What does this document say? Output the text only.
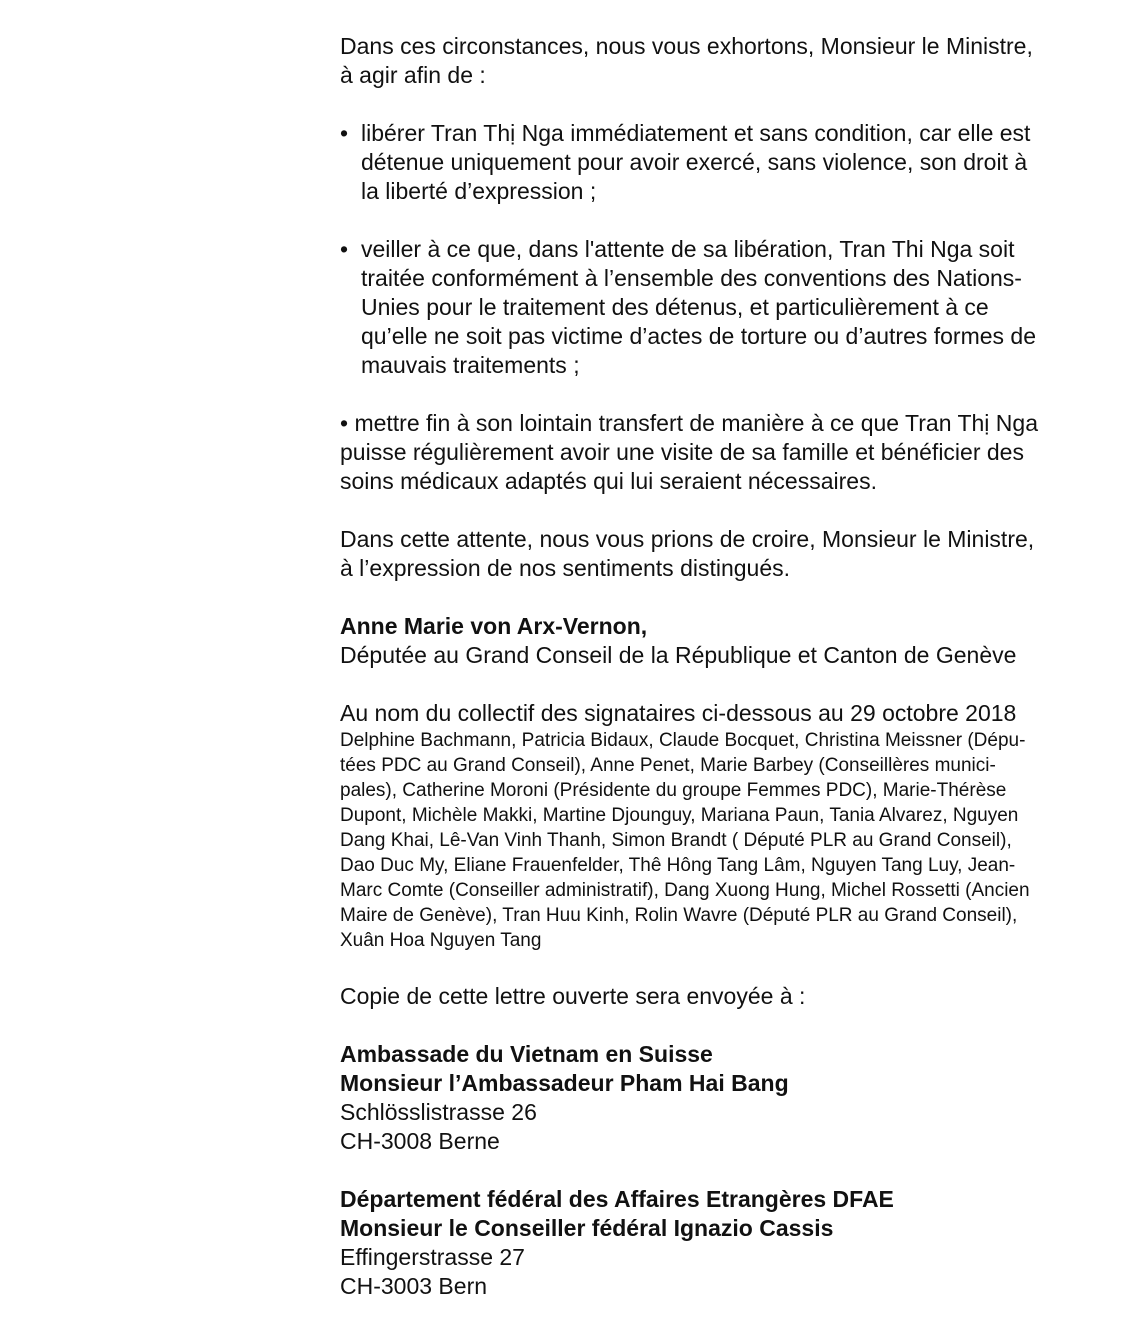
Dans ces circonstances, nous vous exhortons, Monsieur le Ministre,

à agir afin de :

• libérer Tran Thị Nga immédiatement et sans condition, car elle est

détenue uniquement pour avoir exercé, sans violence, son droit à

la liberté d’expression ;

• veiller à ce que, dans l'attente de sa libération, Tran Thi Nga soit

traitée conformément à l’ensemble des conventions des Nations-

Unies pour le traitement des détenus, et particulièrement à ce

qu’elle ne soit pas victime d’actes de torture ou d’autres formes de

mauvais traitements ;

• mettre fin à son lointain transfert de manière à ce que Tran Thị Nga

puisse régulièrement avoir une visite de sa famille et bénéficier des

soins médicaux adaptés qui lui seraient nécessaires.

Dans cette attente, nous vous prions de croire, Monsieur le Ministre,

à l’expression de nos sentiments distingués.

Anne Marie von Arx-Vernon,

Députée au Grand Conseil de la République et Canton de Genève

Au nom du collectif des signataires ci-dessous au 29 octobre 2018

Delphine Bachmann, Patricia Bidaux, Claude Bocquet, Christina Meissner (Dépu-

tées PDC au Grand Conseil), Anne Penet, Marie Barbey (Conseillères munici-

pales), Catherine Moroni (Présidente du groupe Femmes PDC), Marie-Thérèse

Dupont, Michèle Makki, Martine Djounguy, Mariana Paun, Tania Alvarez, Nguyen

Dang Khai, Lê-Van Vinh Thanh, Simon Brandt ( Député PLR au Grand Conseil),

Dao Duc My, Eliane Frauenfelder, Thê Hông Tang Lâm, Nguyen Tang Luy, Jean-

Marc Comte (Conseiller administratif), Dang Xuong Hung, Michel Rossetti (Ancien

Maire de Genève), Tran Huu Kinh, Rolin Wavre (Député PLR au Grand Conseil),

Xuân Hoa Nguyen Tang

Copie de cette lettre ouverte sera envoyée à :

Ambassade du Vietnam en Suisse

Monsieur l’Ambassadeur Pham Hai Bang

Schlösslistrasse 26

CH-3008 Berne

Département fédéral des Affaires Etrangères DFAE

Monsieur le Conseiller fédéral Ignazio Cassis

Effingerstrasse 27

CH-3003 Bern
